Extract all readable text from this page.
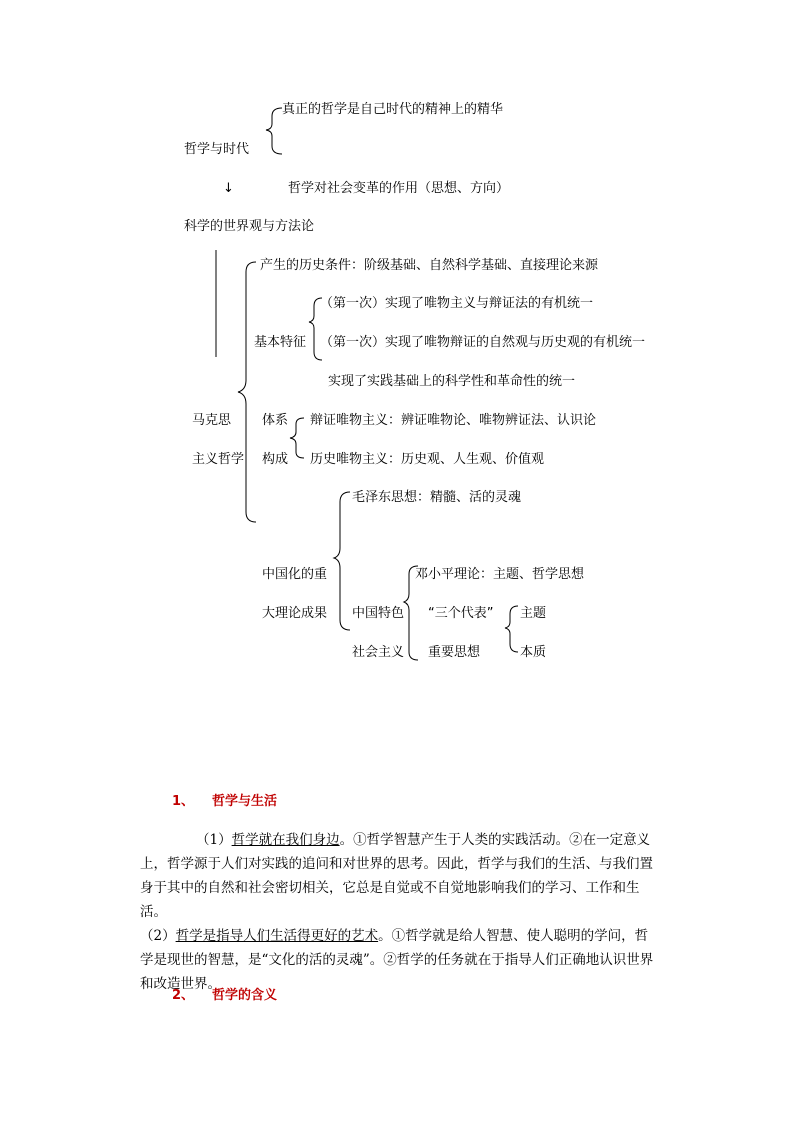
真正的哲学是自己时代的精神上的精华
哲学与时代
↓	哲学对社会变革的作用（思想、方向）
科学的世界观与方法论
产生的历史条件：阶级基础、自然科学基础、直接理论来源
（第一次）实现了唯物主义与辩证法的有机统一
基本特征 （第一次）实现了唯物辩证的自然观与历史观的有机统一
实现了实践基础上的科学性和革命性的统一
马克思
主义哲学
体系
构成
辩证唯物主义：辨证唯物论、唯物辨证法、认识论
历史唯物主义：历史观、人生观、价值观
毛泽东思想：精髓、活的灵魂
中国化的重
大理论成果
邓小平理论：主题、哲学思想
中国特色
社会主义
“三个代表”
重要思想
主题
本质
1、 哲学与生活

（1）哲学就在我们身边。①哲学智慧产生于人类的实践活动。②在一定意义上，哲学源于人们对实践的追问和对世界的思考。因此，哲学与我们的生活、与我们置身于其中的自然和社会密切相关，它总是自觉或不自觉地影响我们的学习、工作和生活。

（2）哲学是指导人们生活得更好的艺术。①哲学就是给人智慧、使人聪明的学问，哲学是现世的智慧，是“文化的活的灵魂”。②哲学的任务就在于指导人们正确地认识世界和改造世界。

2、 哲学的含义
